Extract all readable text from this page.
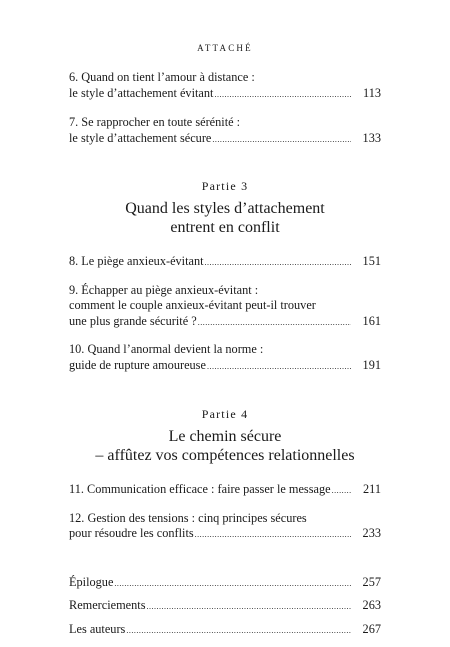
ATTACHÉ
6. Quand on tient l’amour à distance :
le style d’attachement évitant .....	113
7. Se rapprocher en toute sérénité :
le style d’attachement sécure .....	133
Partie 3
Quand les styles d’attachement
entrent en conflit
8. Le piège anxieux-évitant .....	151
9. Échapper au piège anxieux-évitant :
comment le couple anxieux-évitant peut-il trouver
une plus grande sécurité ? .....	161
10. Quand l’anormal devient la norme :
guide de rupture amoureuse .....	191
Partie 4
Le chemin sécure
– affûtez vos compétences relationnelles
11. Communication efficace : faire passer le message .....	211
12. Gestion des tensions : cinq principes sécures
pour résoudre les conflits .....	233
Épilogue .....	257
Remerciements .....	263
Les auteurs .....	267
